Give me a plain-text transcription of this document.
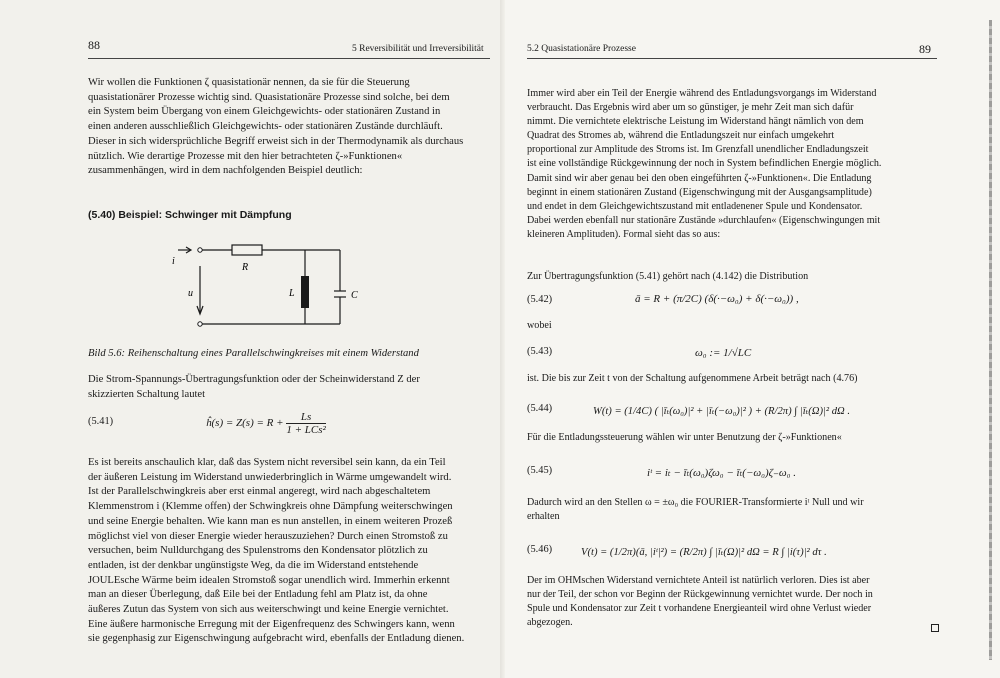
88	5 Reversibilität und Irreversibilität
Wir wollen die Funktionen ζ quasistationär nennen, da sie für die Steuerung
quasistationärer Prozesse wichtig sind. Quasistationäre Prozesse sind solche, bei dem
ein System beim Übergang von einem Gleichgewichts- oder stationären Zustand in
einen anderen ausschließlich Gleichgewichts- oder stationären Zustände durchläuft.
Dieser in sich widersprüchliche Begriff erweist sich in der Thermodynamik als durchaus
nützlich. Wie derartige Prozesse mit den hier betrachteten ζ-»Funktionen«
zusammenhängen, wird in dem nachfolgenden Beispiel deutlich:
(5.40) Beispiel: Schwinger mit Dämpfung
i
R
u	L	C
Bild 5.6: Reihenschaltung eines Parallelschwingkreises mit einem Widerstand
Die Strom-Spannungs-Übertragungsfunktion oder der Scheinwiderstand Z der
skizzierten Schaltung lautet
(5.41)	ĥ(s) = $Z(s) = R + \frac{Ls}{\text{1 + LCs²}}$
Es ist bereits anschaulich klar, daß das System nicht reversibel sein kann, da ein Teil
der äußeren Leistung im Widerstand unwiederbringlich in Wärme umgewandelt wird.
Ist der Parallelschwingkreis aber erst einmal angeregt, wird nach abgeschaltetem
Klemmenstrom i (Klemme offen) der Schwingkreis ohne Dämpfung weiterschwingen
und seine Energie behalten. Wie kann man es nun anstellen, in einem weiteren Prozeß
möglichst viel von dieser Energie wieder herauszuziehen? Durch einen Stromstoß zu
versuchen, beim Nulldurchgang des Spulenstroms den Kondensator plötzlich zu
entladen, ist der denkbar ungünstigste Weg, da die im Widerstand entstehende
JOULEsche Wärme beim idealen Stromstoß sogar unendlich wird. Immerhin erkennt
man an dieser Überlegung, daß Eile bei der Entladung fehl am Platz ist, da ohne
äußeres Zutun das System von sich aus weiterschwingt und keine Energie vernichtet.
Eine äußere harmonische Erregung mit der Eigenfrequenz des Schwingers kann, wenn
sie gegenphasig zur Eigenschwingung aufgebracht wird, ebenfalls der Entladung dienen.
5.2 Quasistationäre Prozesse	89
Immer wird aber ein Teil der Energie während des Entladungsvorgangs im Widerstand
verbraucht. Das Ergebnis wird aber um so günstiger, je mehr Zeit man sich dafür
nimmt. Die vernichtete elektrische Leistung im Widerstand hängt nämlich von dem
Quadrat des Stromes ab, während die Entladungszeit nur einfach umgekehrt
proportional zur Amplitude des Stroms ist. Im Grenzfall unendlicher Endladungszeit
ist eine vollständige Rückgewinnung der noch in System befindlichen Energie möglich.
Damit sind wir aber genau bei den oben eingeführten ζ-»Funktionen«. Die Entladung
beginnt in einem stationären Zustand (Eigenschwingung mit der Ausgangsamplitude)
und endet in dem Gleichgewichtszustand mit entladenener Spule und Kondensator.
Dabei werden ebenfall nur stationäre Zustände »durchlaufen« (Eigenschwingungen mit
kleineren Amplituden). Formal sieht das so aus:
Zur Übertragungsfunktion (5.41) gehört nach (4.142) die Distribution
(5.42)	ā = R + (π/2C) (δ(·−ω₀) + δ(·−ω₀)) ,
wobei
(5.43)	ω₀ := 1/√LC
ist. Die bis zur Zeit t von der Schaltung aufgenommene Arbeit beträgt nach (4.76)
(5.44)	W(t) = (1/4C) ( |īₜ(ω₀)|² + |īₜ(−ω₀)|² ) + (R/2π) ∫ |īₜ(Ω)|² dΩ .
Für die Entladungssteuerung wählen wir unter Benutzung der ζ-»Funktionen«
(5.45)	iᵗ = iₜ − īₜ(ω₀)ζω₀ − īₜ(−ω₀)ζ₋ω₀ .
Dadurch wird an den Stellen ω = ±ω₀ die FOURIER-Transformierte iᵗ Null und wir
erhalten
(5.46)	V(t) = (1/2π)(ā, |iᵗ|²) = (R/2π) ∫ |īₜ(Ω)|² dΩ = R ∫ |i(τ)|² dτ .
Der im OHMschen Widerstand vernichtete Anteil ist natürlich verloren. Dies ist aber
nur der Teil, der schon vor Beginn der Rückgewinnung vernichtet wurde. Der noch in
Spule und Kondensator zur Zeit t vorhandene Energieanteil wird ohne Verlust wieder
abgezogen.
